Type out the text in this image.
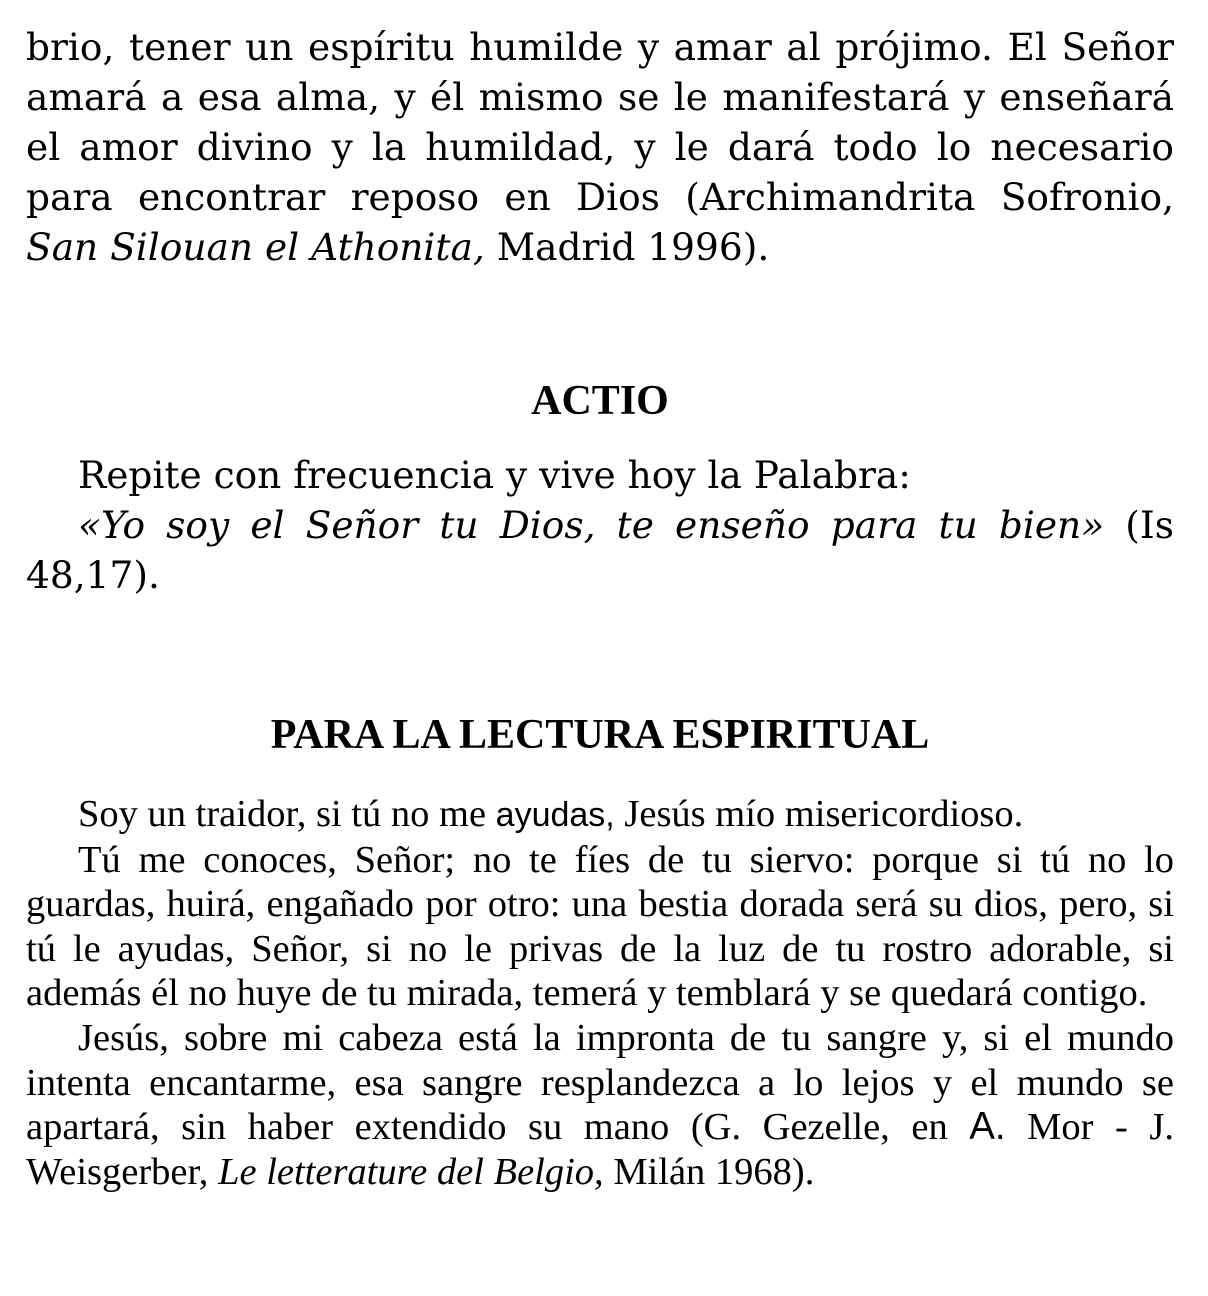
brio, tener un espíritu humilde y amar al prójimo. El Señor amará a esa alma, y él mismo se le manifestará y enseñará el amor divino y la humildad, y le dará todo lo necesario para encontrar reposo en Dios (Archimandrita Sofronio, San Silouan el Athonita, Madrid 1996).

ACTIO

Repite con frecuencia y vive hoy la Palabra:

«Yo soy el Señor tu Dios, te enseño para tu bien» (Is 48,17).

PARA LA LECTURA ESPIRITUAL

Soy un traidor, si tú no me ayudas, Jesús mío misericordioso.

Tú me conoces, Señor; no te fíes de tu siervo: porque si tú no lo guardas, huirá, engañado por otro: una bestia dorada será su dios, pero, si tú le ayudas, Señor, si no le privas de la luz de tu rostro adorable, si además él no huye de tu mirada, temerá y temblará y se quedará contigo.

Jesús, sobre mi cabeza está la impronta de tu sangre y, si el mundo intenta encantarme, esa sangre resplandezca a lo lejos y el mundo se apartará, sin haber extendido su mano (G. Gezelle, en A. Mor - J. Weisgerber, Le letterature del Belgio, Milán 1968).
